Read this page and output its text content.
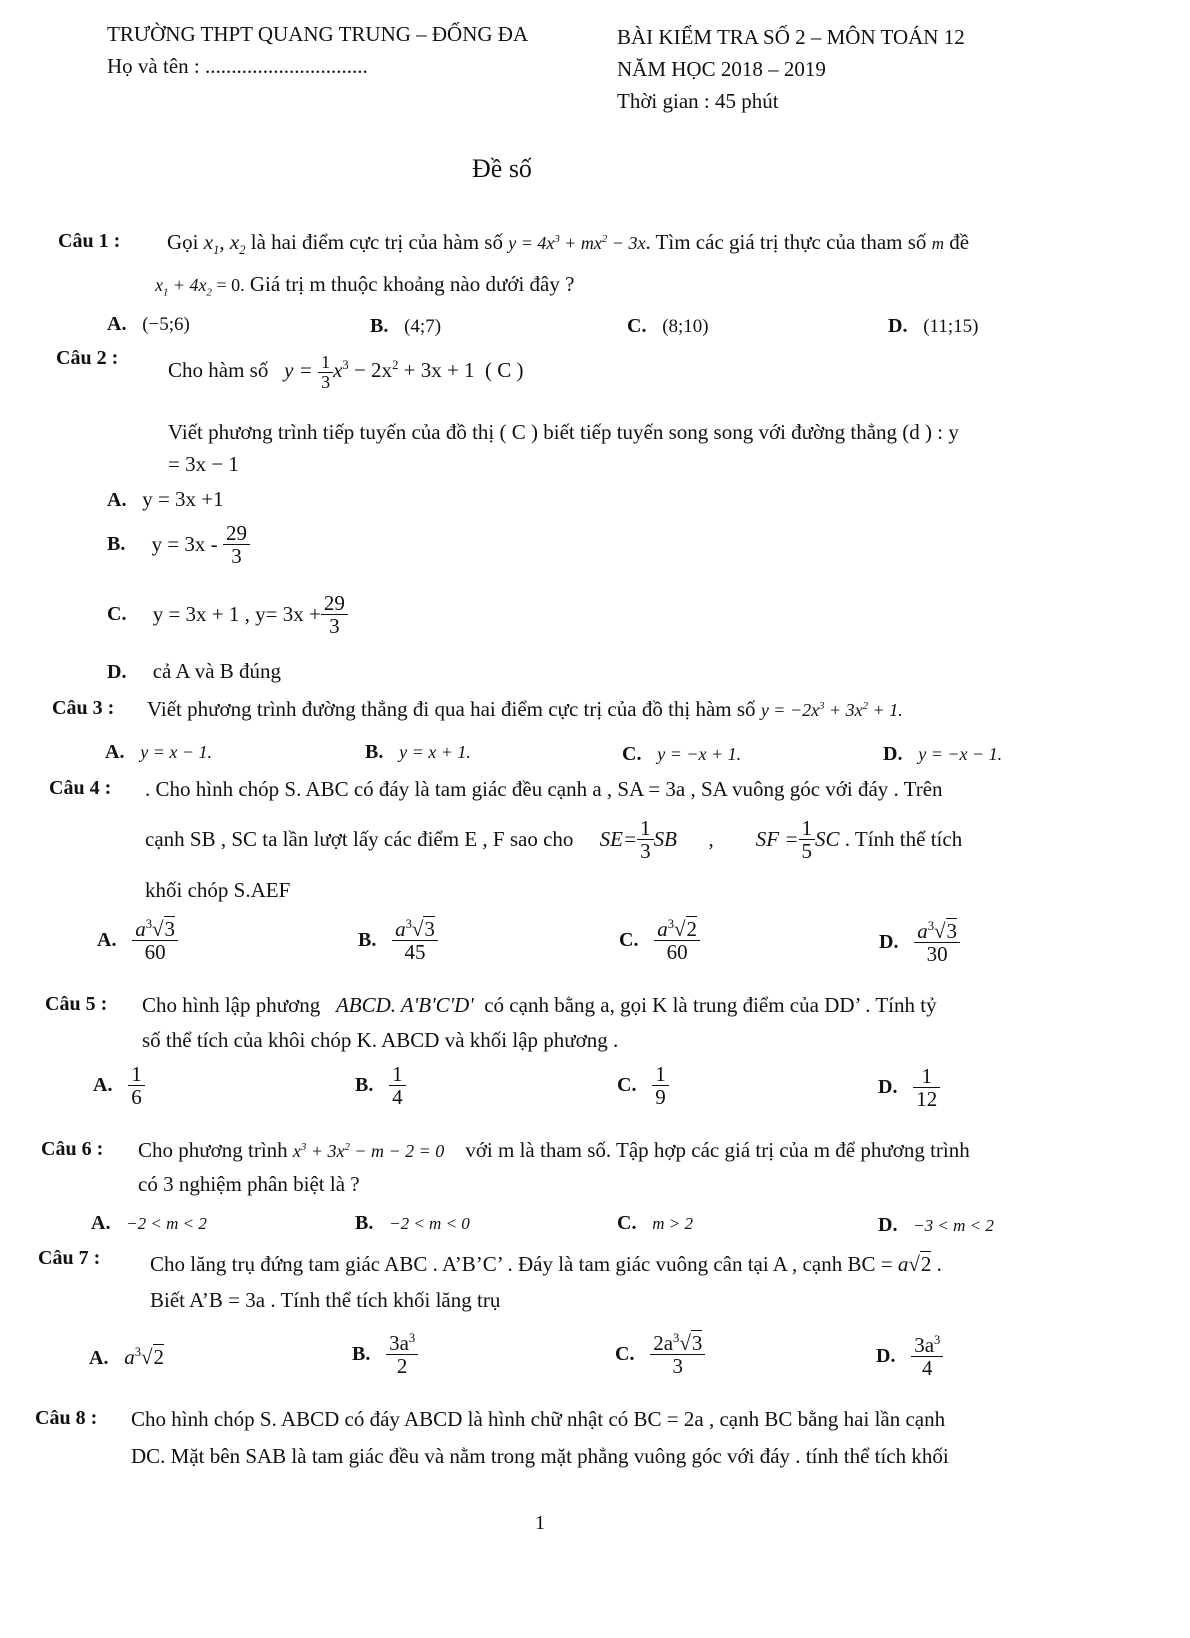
TRƯỜNG THPT QUANG TRUNG – ĐỐNG ĐA
Họ và tên : ...............................
BÀI KIỂM TRA SỐ 2 – MÔN TOÁN 12
NĂM HỌC 2018 – 2019
Thời gian : 45 phút
Đề số
Câu 1 : Gọi $x_1$, $x_2$ là hai điểm cực trị của hàm số $y = 4x^3 + mx^2 - 3x$. Tìm các giá trị thực của tham số m đề
$x_1 + 4x_2 = 0$. Giá trị m thuộc khoảng nào dưới đây ?
A. (−5;6)	B. (4;7)	C. (8;10)	D. (11;15)
Câu 2 :
Cho hàm số $y = \frac{1}{3} x^3 - 2x^2 + 3x + 1$ ( C )
Viết phương trình tiếp tuyến của đồ thị ( C ) biết tiếp tuyến song song với đường thẳng (d ) : y
= 3x − 1
A. y = 3x +1
B. $y = 3x - \frac{29}{3}$
C. y = 3x + 1 , $y= 3x + \frac{29}{3}$
D. cả A và B đúng
Câu 3 : Viết phương trình đường thẳng đi qua hai điểm cực trị của đồ thị hàm số $y = -2x^3 + 3x^2 + 1$.
A. y = x − 1.	B. y = x + 1.	C. y = −x + 1.	D. y = −x − 1.
Câu 4 : . Cho hình chóp S. ABC có đáy là tam giác đều cạnh a , SA = 3a , SA vuông góc với đáy . Trên
cạnh SB , SC ta lần lượt lấy các điểm E , F sao cho $SE= \frac{1}{3}$ SB , SF = $\frac{1}{5}$ SC . Tính thể tích
khối chóp S.AEF
A. $\frac{a^3√3}{60}$	B. $\frac{a^3√3}{45}$	C. $\frac{a^3√2}{60}$	D. $\frac{a^3√3}{30}$
Câu 5 : Cho hình lập phương ABCD. A'B'C'D' có cạnh bằng a, gọi K là trung điểm của DD’ . Tính tỷ
số thể tích của khôi chóp K. ABCD và khối lập phương .
A. $\frac{1}{6}$	B. $\frac{1}{4}$	C. $\frac{1}{9}$	D. $\frac{1}{12}$
Câu 6 : Cho phương trình $x^3 + 3x^2 - m - 2 = 0$ với m là tham số. Tập hợp các giá trị của m để phương trình
có 3 nghiệm phân biệt là ?
A. −2 < m < 2	B. −2 < m < 0	C. m > 2	D. −3 < m < 2
Câu 7 : Cho lăng trụ đứng tam giác ABC . A’B’C’ . Đáy là tam giác vuông cân tại A , cạnh BC = a√2 .
Biết A’B = 3a . Tính thể tích khối lăng trụ
A. $a^3√2$	B. $\frac{3a^3}{2}$	C. $\frac{2a^3√3}{3}$	D. $\frac{3a^3}{4}$
Câu 8 : Cho hình chóp S. ABCD có đáy ABCD là hình chữ nhật có BC = 2a , cạnh BC bằng hai lần cạnh
DC. Mặt bên SAB là tam giác đều và nằm trong mặt phẳng vuông góc với đáy . tính thể tích khối
1
